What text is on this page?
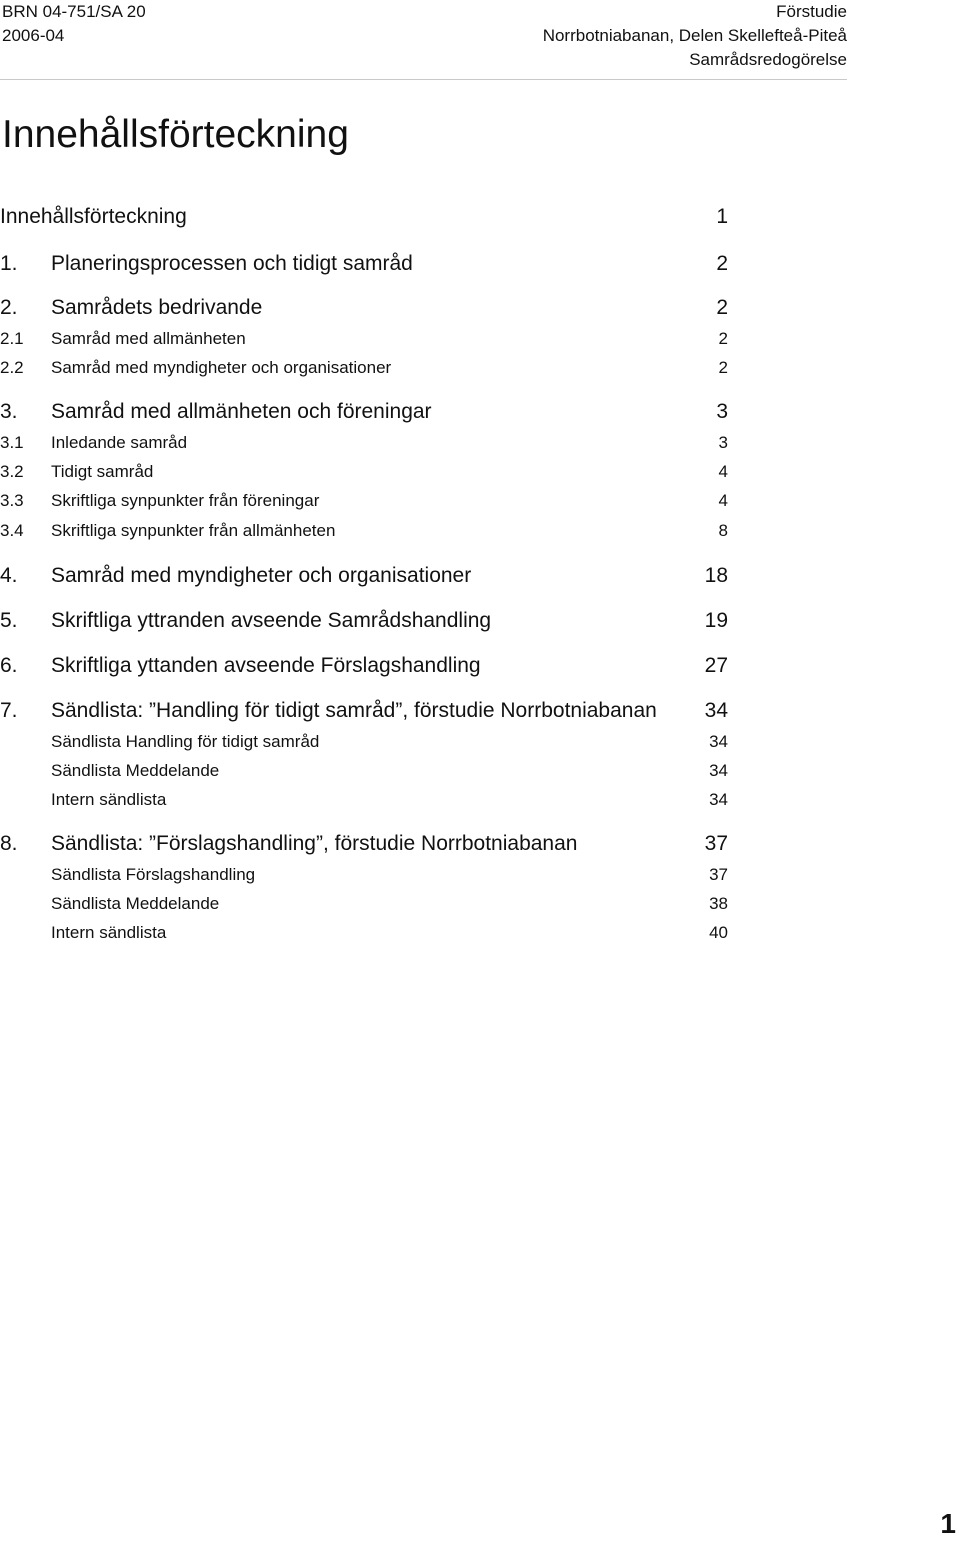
BRN 04-751/SA 20
2006-04
Förstudie
Norrbotniabanan, Delen Skellefteå-Piteå
Samrådsredogörelse
Innehållsförteckning
Innehållsförteckning	1
1. Planeringsprocessen och tidigt samråd	2
2. Samrådets bedrivande	2
2.1 Samråd med allmänheten	2
2.2 Samråd med myndigheter och organisationer	2
3. Samråd med allmänheten och föreningar	3
3.1 Inledande samråd	3
3.2 Tidigt samråd	4
3.3 Skriftliga synpunkter från föreningar	4
3.4 Skriftliga synpunkter från allmänheten	8
4. Samråd med myndigheter och organisationer	18
5. Skriftliga yttranden avseende Samrådshandling	19
6. Skriftliga yttanden avseende Förslagshandling	27
7. Sändlista: ”Handling för tidigt samråd”, förstudie Norrbotniabanan 34
Sändlista Handling för tidigt samråd	34
Sändlista Meddelande	34
Intern sändlista	34
8. Sändlista: ”Förslagshandling”, förstudie Norrbotniabanan	37
Sändlista Förslagshandling	37
Sändlista Meddelande	38
Intern sändlista	40
1
